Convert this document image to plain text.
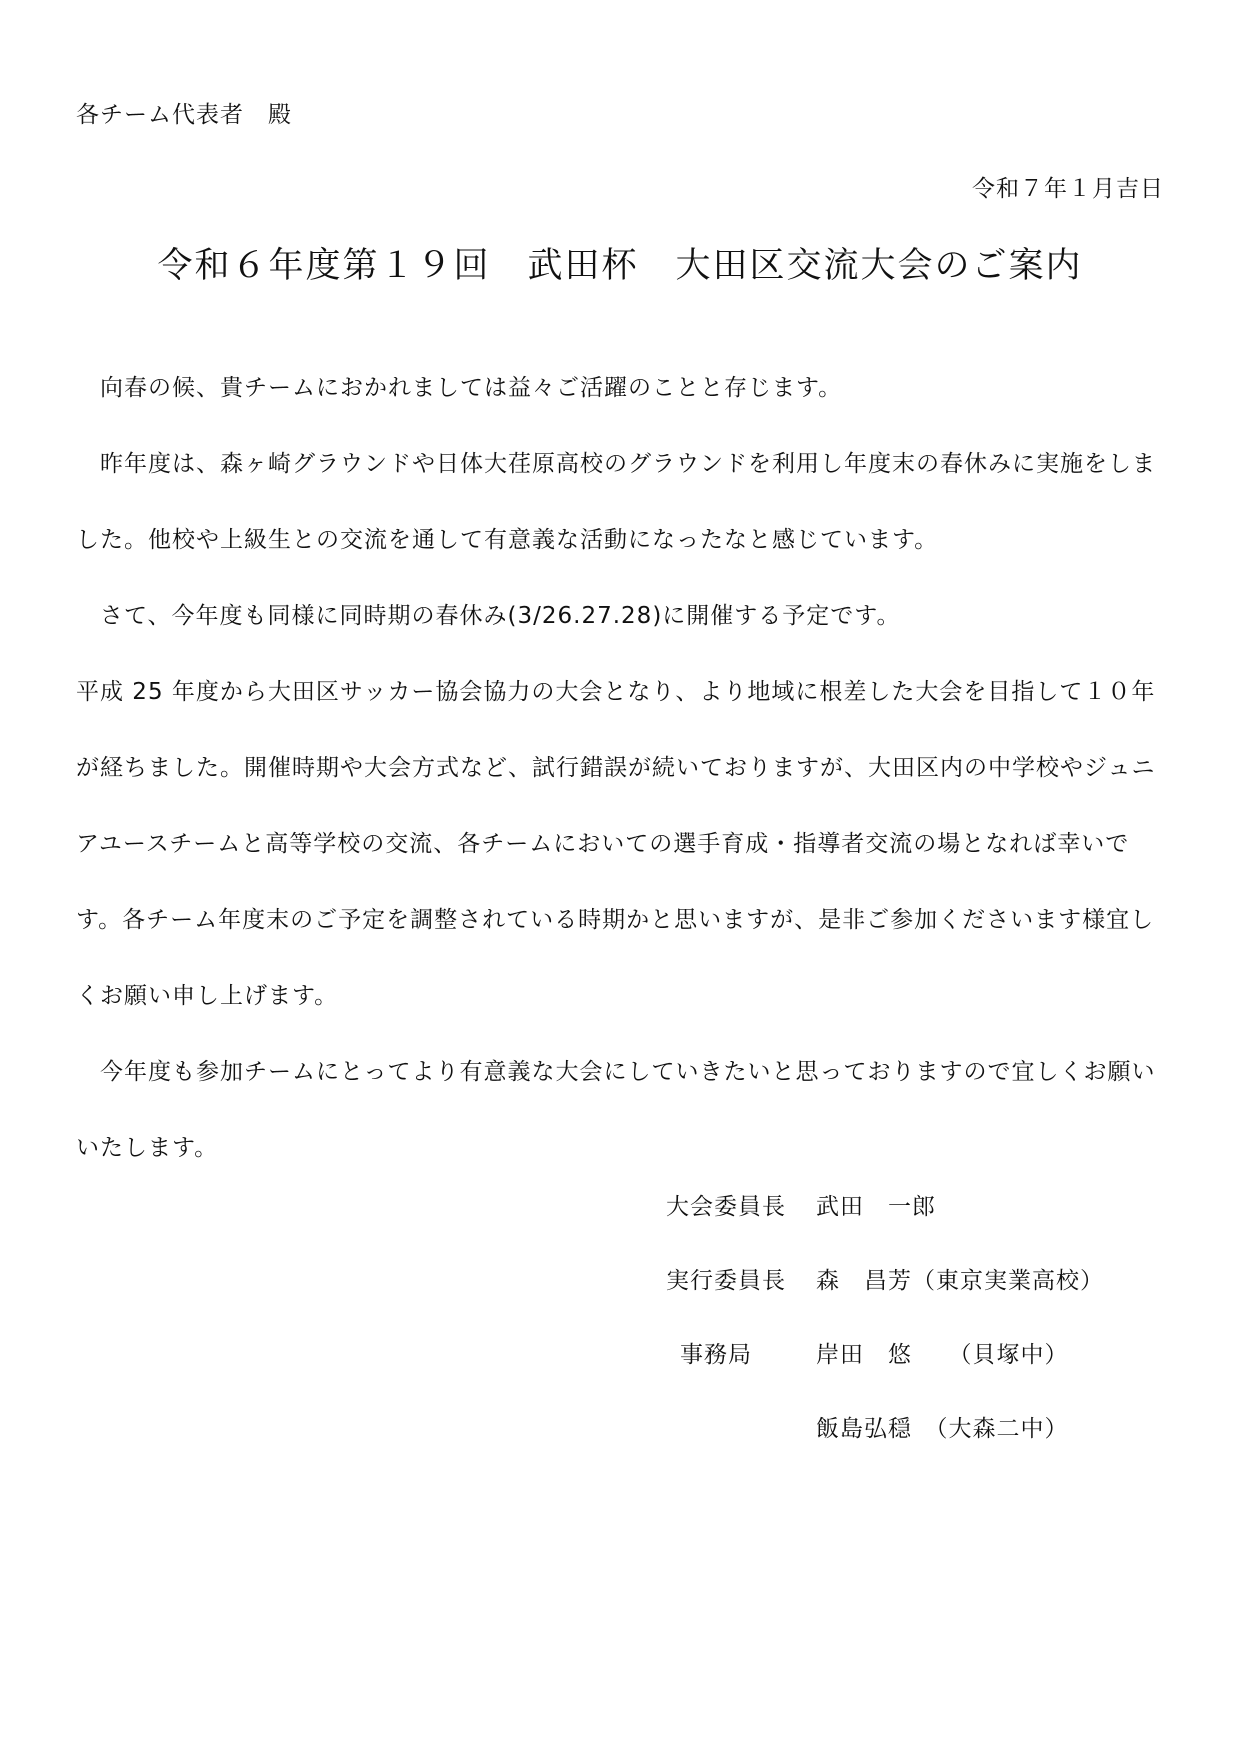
各チーム代表者　殿
令和７年１月吉日
令和６年度第１９回　武田杯　大田区交流大会のご案内

　向春の候、貴チームにおかれましては益々ご活躍のことと存じます。

　昨年度は、森ヶ崎グラウンドや日体大荏原高校のグラウンドを利用し年度末の春休みに実施をしました。他校や上級生との交流を通して有意義な活動になったなと感じています。

　さて、今年度も同様に同時期の春休み(3/26.27.28)に開催する予定です。

平成 25 年度から大田区サッカー協会協力の大会となり、より地域に根差した大会を目指して１０年が経ちました。開催時期や大会方式など、試行錯誤が続いておりますが、大田区内の中学校やジュニアユースチームと高等学校の交流、各チームにおいての選手育成・指導者交流の場となれば幸いです。各チーム年度末のご予定を調整されている時期かと思いますが、是非ご参加くださいます様宜しくお願い申し上げます。

　今年度も参加チームにとってより有意義な大会にしていきたいと思っておりますので宜しくお願いいたします。

大会委員長

武田　一郎

実行委員長

森　昌芳（東京実業高校）

事務局

	岸田　悠　　（貝塚中）

飯島弘穏　（大森二中）
